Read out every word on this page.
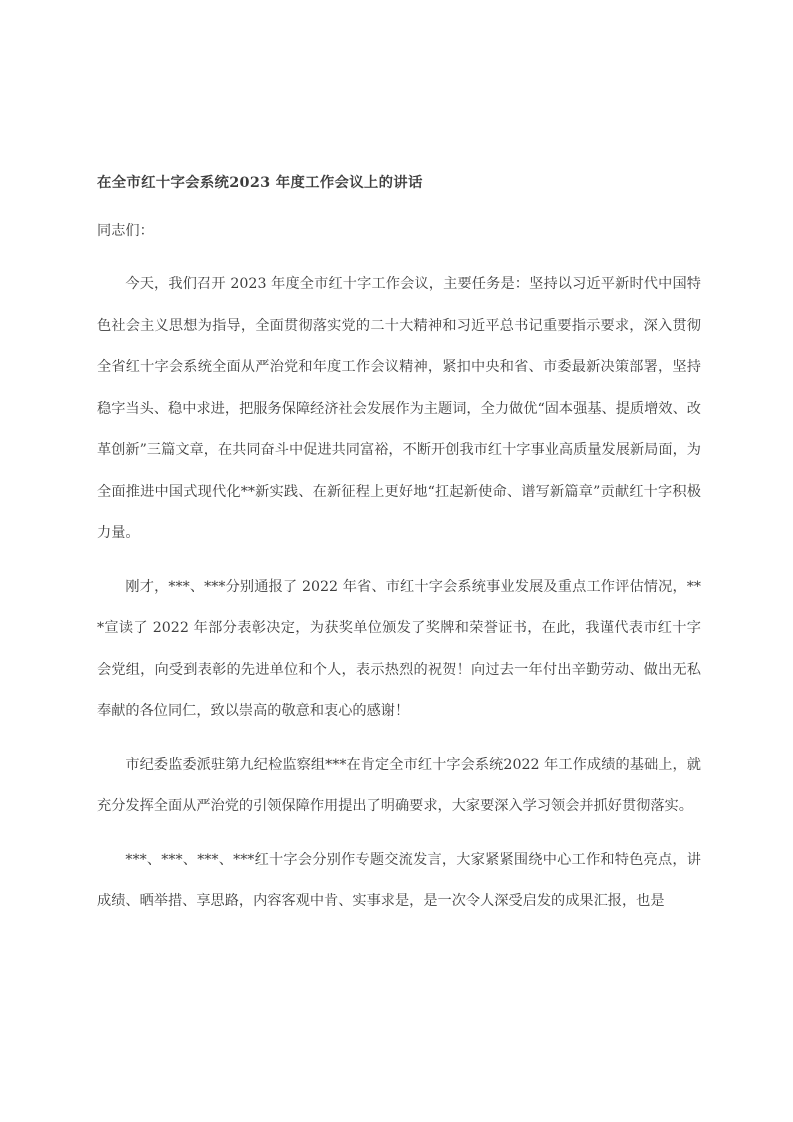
在全市红十字会系统2023 年度工作会议上的讲话

同志们：

今天，我们召开 2023 年度全市红十字工作会议，主要任务是：坚持以习近平新时代中国特色社会主义思想为指导，全面贯彻落实党的二十大精神和习近平总书记重要指示要求，深入贯彻全省红十字会系统全面从严治党和年度工作会议精神，紧扣中央和省、市委最新决策部署，坚持稳字当头、稳中求进，把服务保障经济社会发展作为主题词，全力做优“固本强基、提质增效、改革创新”三篇文章，在共同奋斗中促进共同富裕，不断开创我市红十字事业高质量发展新局面，为全面推进中国式现代化**新实践、在新征程上更好地“扛起新使命、谱写新篇章”贡献红十字积极力量。

刚才，***、***分别通报了 2022 年省、市红十字会系统事业发展及重点工作评估情况，***宣读了 2022 年部分表彰决定，为获奖单位颁发了奖牌和荣誉证书，在此，我谨代表市红十字会党组，向受到表彰的先进单位和个人，表示热烈的祝贺！向过去一年付出辛勤劳动、做出无私奉献的各位同仁，致以崇高的敬意和衷心的感谢！

市纪委监委派驻第九纪检监察组***在肯定全市红十字会系统2022 年工作成绩的基础上，就充分发挥全面从严治党的引领保障作用提出了明确要求，大家要深入学习领会并抓好贯彻落实。

***、***、***、***红十字会分别作专题交流发言，大家紧紧围绕中心工作和特色亮点，讲成绩、晒举措、享思路，内容客观中肯、实事求是，是一次令人深受启发的成果汇报，也是
